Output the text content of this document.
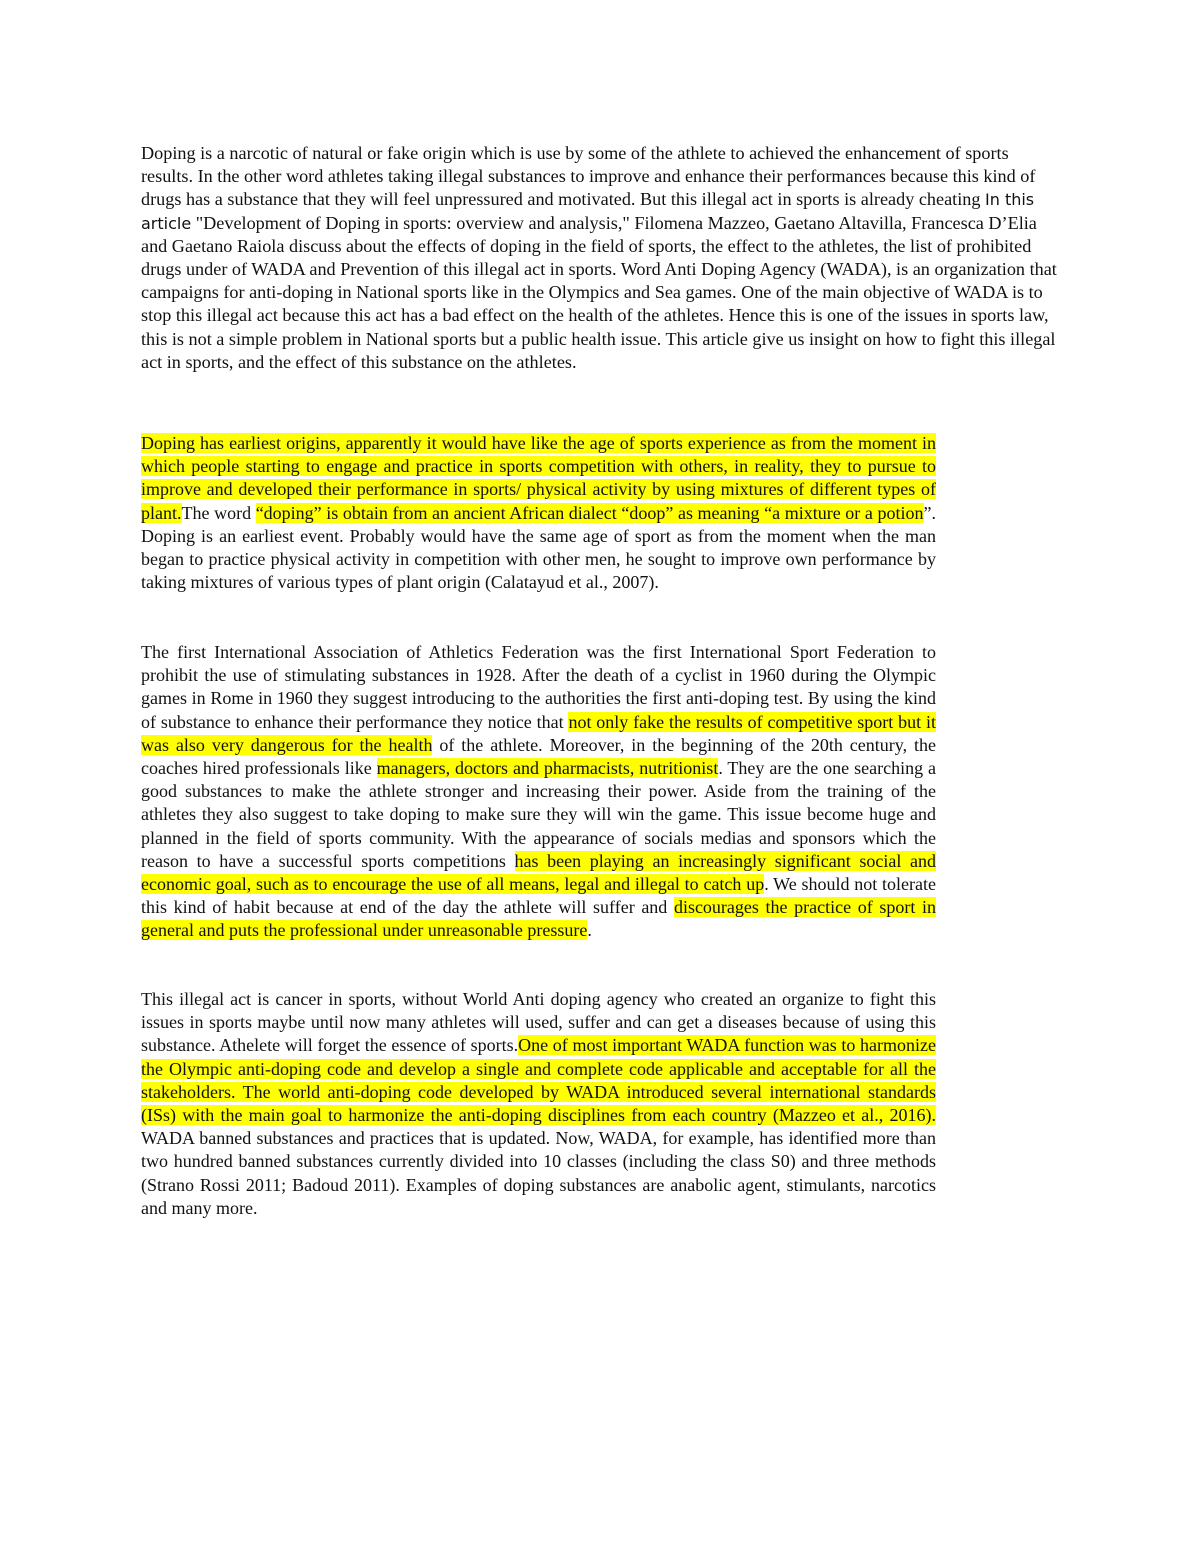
Doping is a narcotic of natural or fake origin which is use by some of the athlete to achieved the enhancement of sports results. In the other word athletes taking illegal substances to improve and enhance their performances because this kind of drugs has a substance that they will feel unpressured and motivated. But this illegal act in sports is already cheating In this article "Development of Doping in sports: overview and analysis," Filomena Mazzeo, Gaetano Altavilla, Francesca D’Elia and Gaetano Raiola discuss about the effects of doping in the field of sports, the effect to the athletes, the list of prohibited drugs under of WADA and Prevention of this illegal act in sports. Word Anti Doping Agency (WADA), is an organization that campaigns for anti-doping in National sports like in the Olympics and Sea games. One of the main objective of WADA is to stop this illegal act because this act has a bad effect on the health of the athletes. Hence this is one of the issues in sports law, this is not a simple problem in National sports but a public health issue. This article give us insight on how to fight this illegal act in sports, and the effect of this substance on the athletes.

Doping has earliest origins, apparently it would have like the age of sports experience as from the moment in which people starting to engage and practice in sports competition with others, in reality, they to pursue to improve and developed their performance in sports/ physical activity by using mixtures of different types of plant.The word “doping” is obtain from an ancient African dialect “doop” as meaning “a mixture or a potion”. Doping is an earliest event. Probably would have the same age of sport as from the moment when the man began to practice physical activity in competition with other men, he sought to improve own performance by taking mixtures of various types of plant origin (Calatayud et al., 2007).

The first International Association of Athletics Federation was the first International Sport Federation to prohibit the use of stimulating substances in 1928. After the death of a cyclist in 1960 during the Olympic games in Rome in 1960 they suggest introducing to the authorities the first anti-doping test. By using the kind of substance to enhance their performance they notice that not only fake the results of competitive sport but it was also very dangerous for the health of the athlete. Moreover, in the beginning of the 20th century, the coaches hired professionals like managers, doctors and pharmacists, nutritionist. They are the one searching a good substances to make the athlete stronger and increasing their power. Aside from the training of the athletes they also suggest to take doping to make sure they will win the game. This issue become huge and planned in the field of sports community. With the appearance of socials medias and sponsors which the reason to have a successful sports competitions has been playing an increasingly significant social and economic goal, such as to encourage the use of all means, legal and illegal to catch up. We should not tolerate this kind of habit because at end of the day the athlete will suffer and discourages the practice of sport in general and puts the professional under unreasonable pressure.

This illegal act is cancer in sports, without World Anti doping agency who created an organize to fight this issues in sports maybe until now many athletes will used, suffer and can get a diseases because of using this substance. Athelete will forget the essence of sports.One of most important WADA function was to harmonize the Olympic anti-doping code and develop a single and complete code applicable and acceptable for all the stakeholders. The world anti-doping code developed by WADA introduced several international standards (ISs) with the main goal to harmonize the anti-doping disciplines from each country (Mazzeo et al., 2016). WADA banned substances and practices that is updated. Now, WADA, for example, has identified more than two hundred banned substances currently divided into 10 classes (including the class S0) and three methods (Strano Rossi 2011; Badoud 2011). Examples of doping substances are anabolic agent, stimulants, narcotics and many more.
